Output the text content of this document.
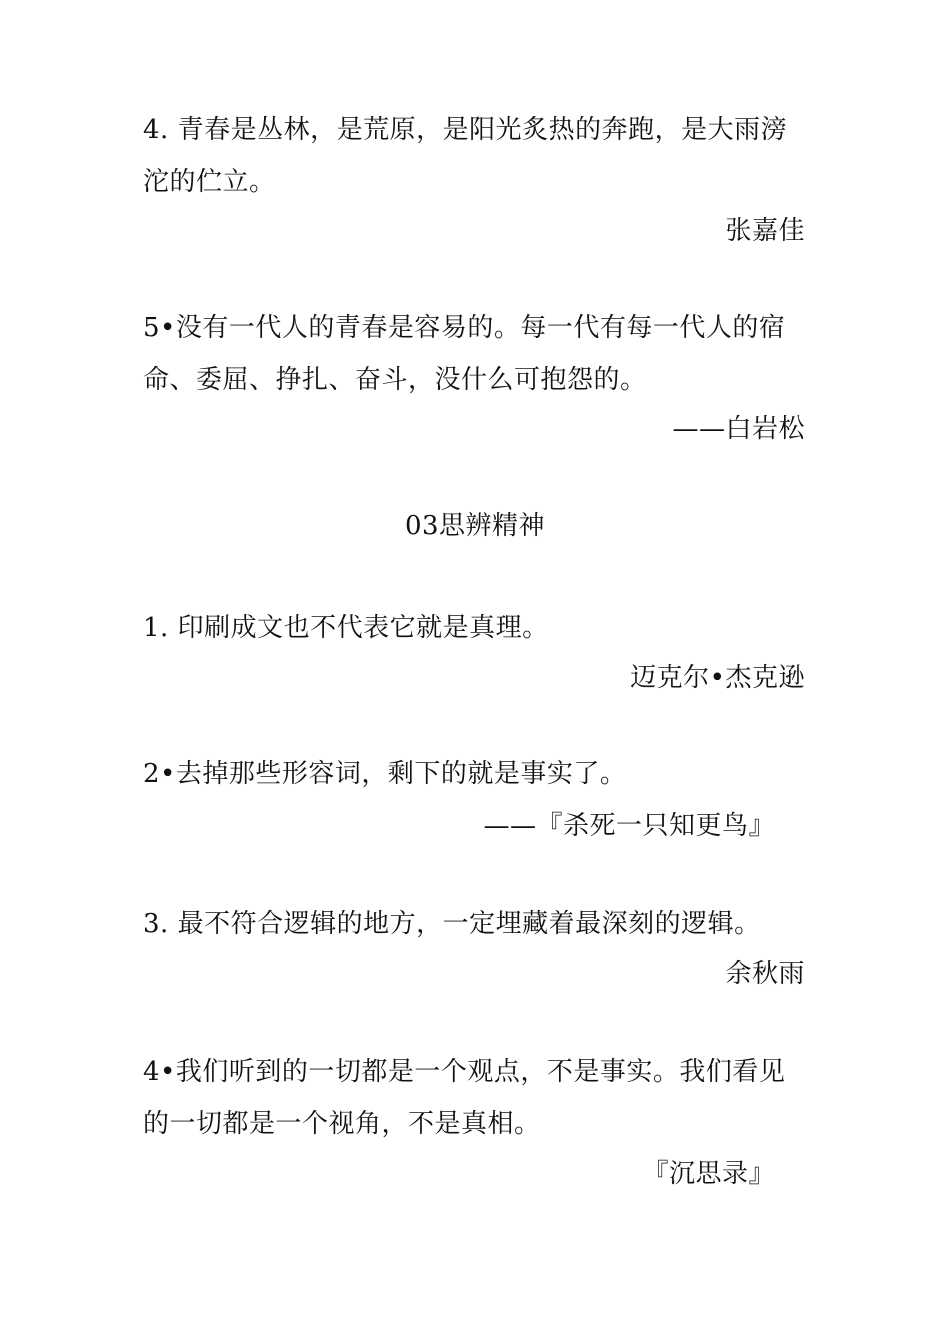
4. 青春是丛林，是荒原，是阳光炙热的奔跑，是大雨滂沱的伫立。
张嘉佳
5•没有一代人的青春是容易的。每一代有每一代人的宿命、委屈、挣扎、奋斗，没什么可抱怨的。
——白岩松
03思辨精神
1. 印刷成文也不代表它就是真理。
迈克尔•杰克逊
2•去掉那些形容词，剩下的就是事实了。
——『杀死一只知更鸟』
3. 最不符合逻辑的地方，一定埋藏着最深刻的逻辑。
余秋雨
4•我们听到的一切都是一个观点，不是事实。我们看见的一切都是一个视角，不是真相。
『沉思录』
